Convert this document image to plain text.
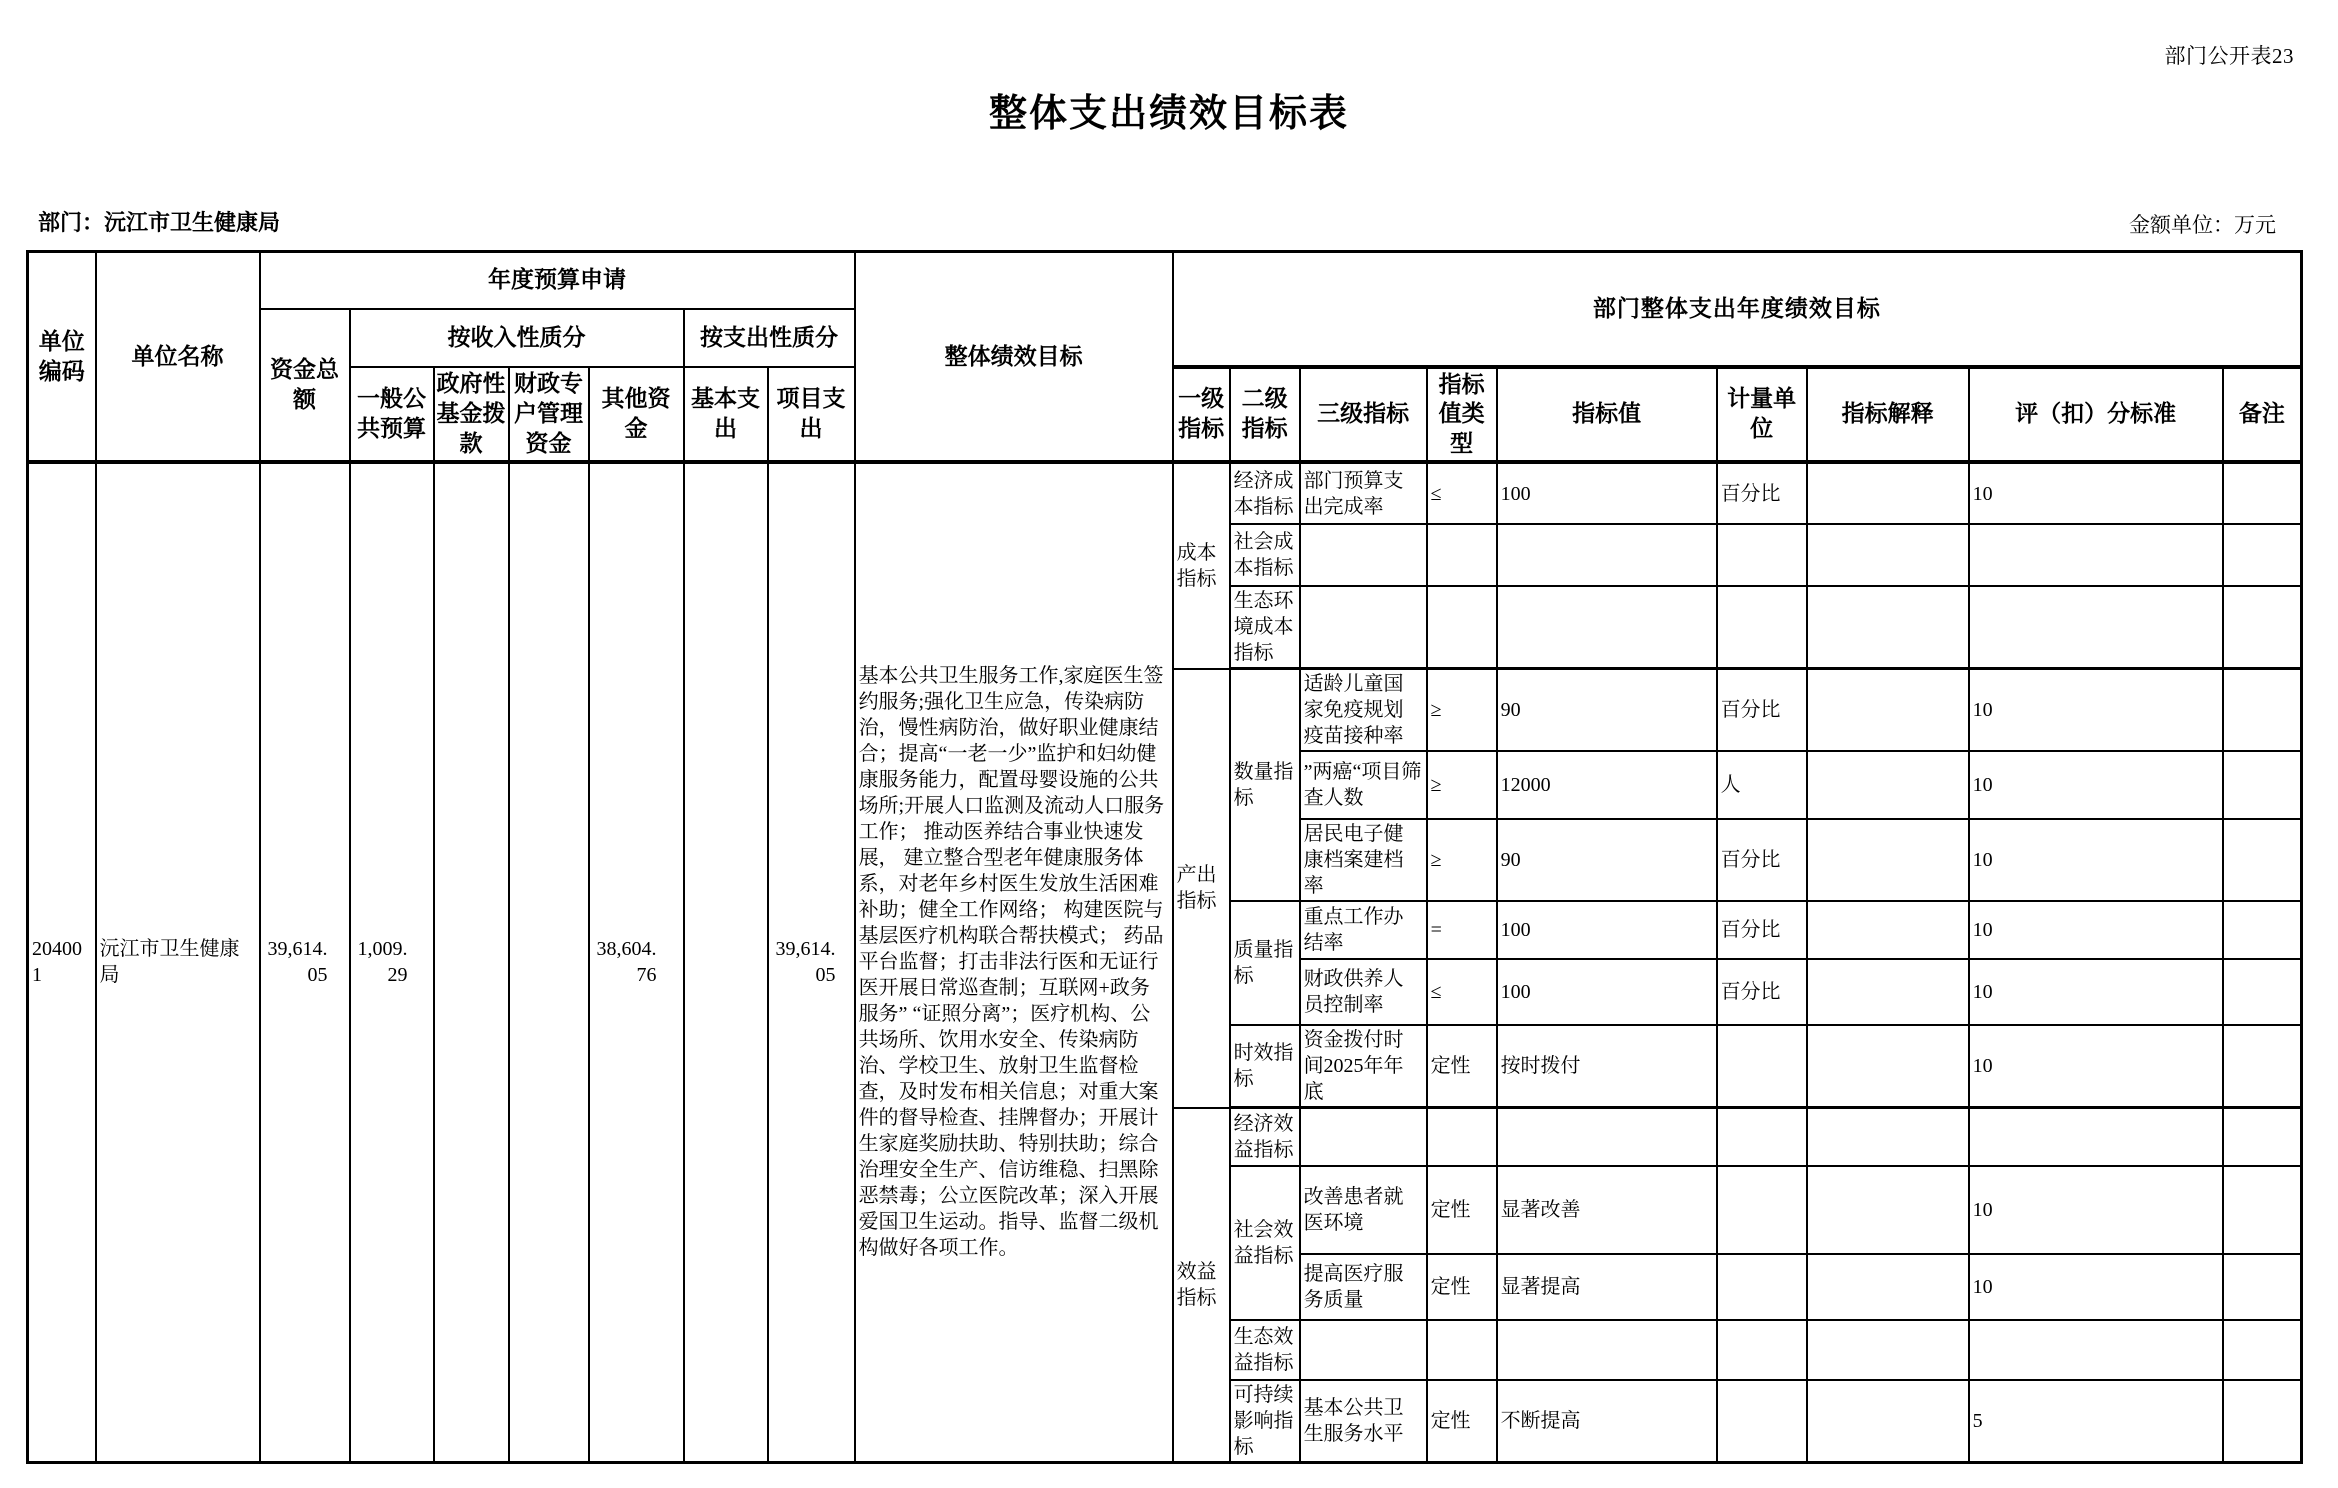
部门公开表23
整体支出绩效目标表
部门：沅江市卫生健康局	金额单位：万元
单位编码	单位名称	年度预算申请							整体绩效目标	部门整体支出年度绩效目标								
		资金总额	按收入性质分				按支出性质分											
			一般公共预算	政府性基金拨款	财政专户管理资金	其他资金	基本支出	项目支出		一级指标	二级指标	三级指标	指标值类型	指标值	计量单位	指标解释	评（扣）分标准	备注
204001	沅江市卫生健康局	39,614.05	1,009.29			38,604.76		39,614.05	基本公共卫生服务工作,家庭医生签约服务;强化卫生应急，传染病防治，慢性病防治，做好职业健康结合；提高“一老一少”监护和妇幼健康服务能力，配置母婴设施的公共场所;开展人口监测及流动人口服务工作； 推动医养结合事业快速发展， 建立整合型老年健康服务体系，对老年乡村医生发放生活困难补助；健全工作网络； 构建医院与基层医疗机构联合帮扶模式； 药品平台监督；打击非法行医和无证行医开展日常巡查制；互联网+政务服务” “证照分离”；医疗机构、公共场所、饮用水安全、传染病防治、学校卫生、放射卫生监督检查，及时发布相关信息；对重大案件的督导检查、挂牌督办；开展计生家庭奖励扶助、特别扶助；综合治理安全生产、信访维稳、扫黑除恶禁毒；公立医院改革；深入开展爱国卫生运动。指导、监督二级机构做好各项工作。	成本指标	经济成本指标	部门预算支出完成率	≤	100	百分比		10	
											社会成本指标							
											生态环境成本指标							
										产出指标	数量指标	适龄儿童国家免疫规划疫苗接种率	≥	90	百分比		10	
												”两癌“项目筛查人数	≥	12000	人		10	
												居民电子健康档案建档率	≥	90	百分比		10	
											质量指标	重点工作办结率	=	100	百分比		10	
												财政供养人员控制率	≤	100	百分比		10	
											时效指标	资金拨付时间2025年年底	定性	按时拨付			10	
										效益指标	经济效益指标							
											社会效益指标	改善患者就医环境	定性	显著改善			10	
												提高医疗服务质量	定性	显著提高			10	
											生态效益指标							
											可持续影响指标	基本公共卫生服务水平	定性	不断提高			5	
